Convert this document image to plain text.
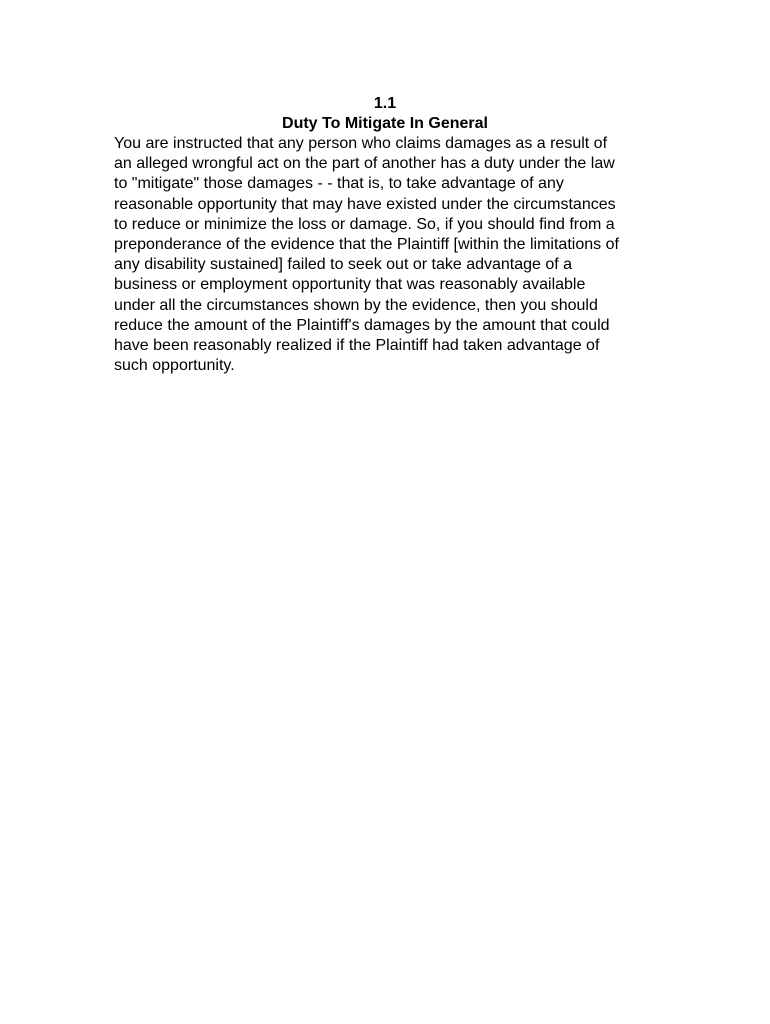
1.1
Duty To Mitigate In General
You are instructed that any person who claims damages as a result of
an alleged wrongful act on the part of another has a duty under the law
to "mitigate" those damages - - that is, to take advantage of any
reasonable opportunity that may have existed under the circumstances
to reduce or minimize the loss or damage. So, if you should find from a
preponderance of the evidence that the Plaintiff [within the limitations of
any disability sustained] failed to seek out or take advantage of a
business or employment opportunity that was reasonably available
under all the circumstances shown by the evidence, then you should
reduce the amount of the Plaintiff's damages by the amount that could
have been reasonably realized if the Plaintiff had taken advantage of
such opportunity.
